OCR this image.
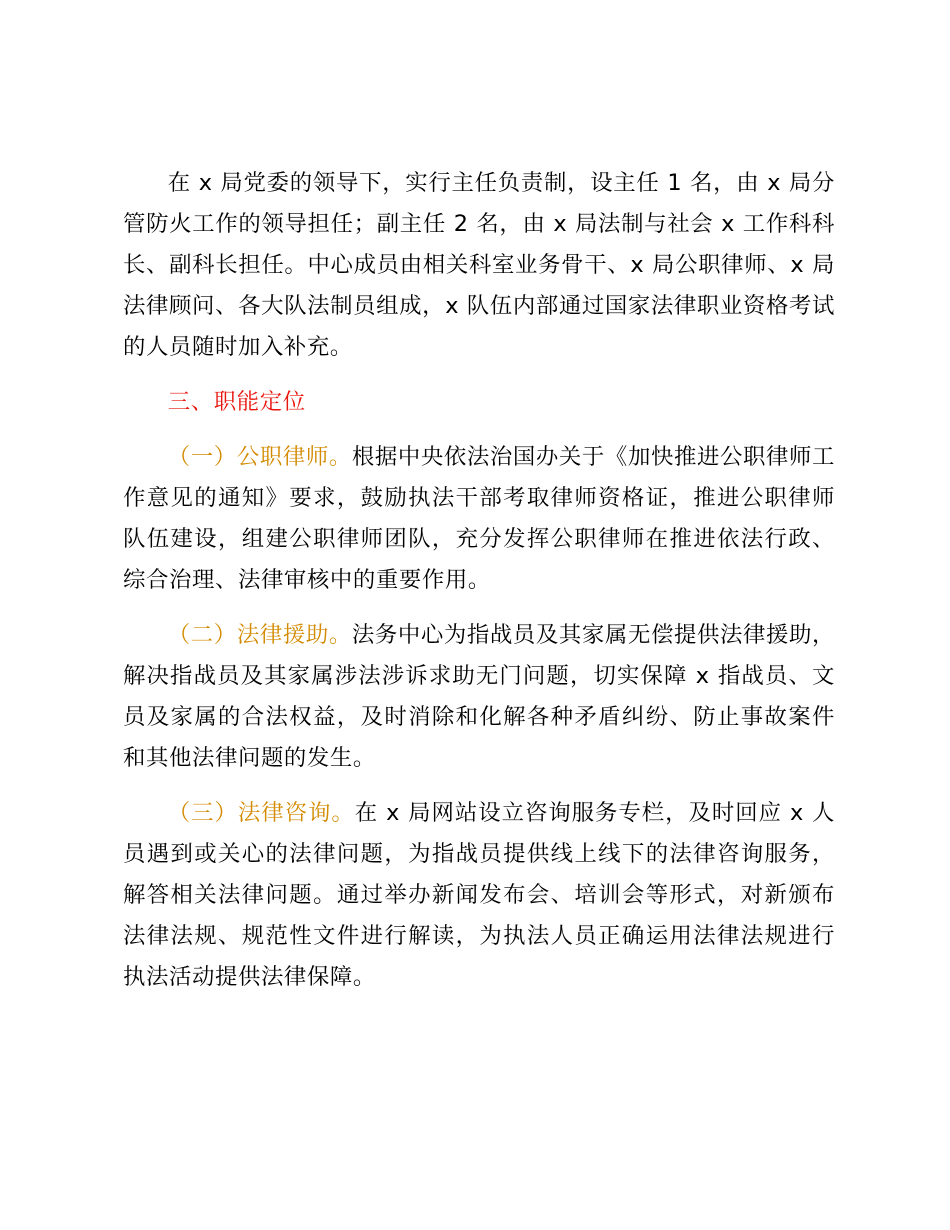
在 x 局党委的领导下，实行主任负责制，设主任 1 名，由 x 局分管防火工作的领导担任；副主任 2 名，由 x 局法制与社会 x 工作科科长、副科长担任。中心成员由相关科室业务骨干、x 局公职律师、x 局法律顾问、各大队法制员组成，x 队伍内部通过国家法律职业资格考试的人员随时加入补充。

三、职能定位

（一）公职律师。根据中央依法治国办关于《加快推进公职律师工作意见的通知》要求，鼓励执法干部考取律师资格证，推进公职律师队伍建设，组建公职律师团队，充分发挥公职律师在推进依法行政、综合治理、法律审核中的重要作用。

（二）法律援助。法务中心为指战员及其家属无偿提供法律援助，解决指战员及其家属涉法涉诉求助无门问题，切实保障 x 指战员、文员及家属的合法权益，及时消除和化解各种矛盾纠纷、防止事故案件和其他法律问题的发生。

（三）法律咨询。在 x 局网站设立咨询服务专栏，及时回应 x 人员遇到或关心的法律问题，为指战员提供线上线下的法律咨询服务，解答相关法律问题。通过举办新闻发布会、培训会等形式，对新颁布法律法规、规范性文件进行解读，为执法人员正确运用法律法规进行执法活动提供法律保障。
